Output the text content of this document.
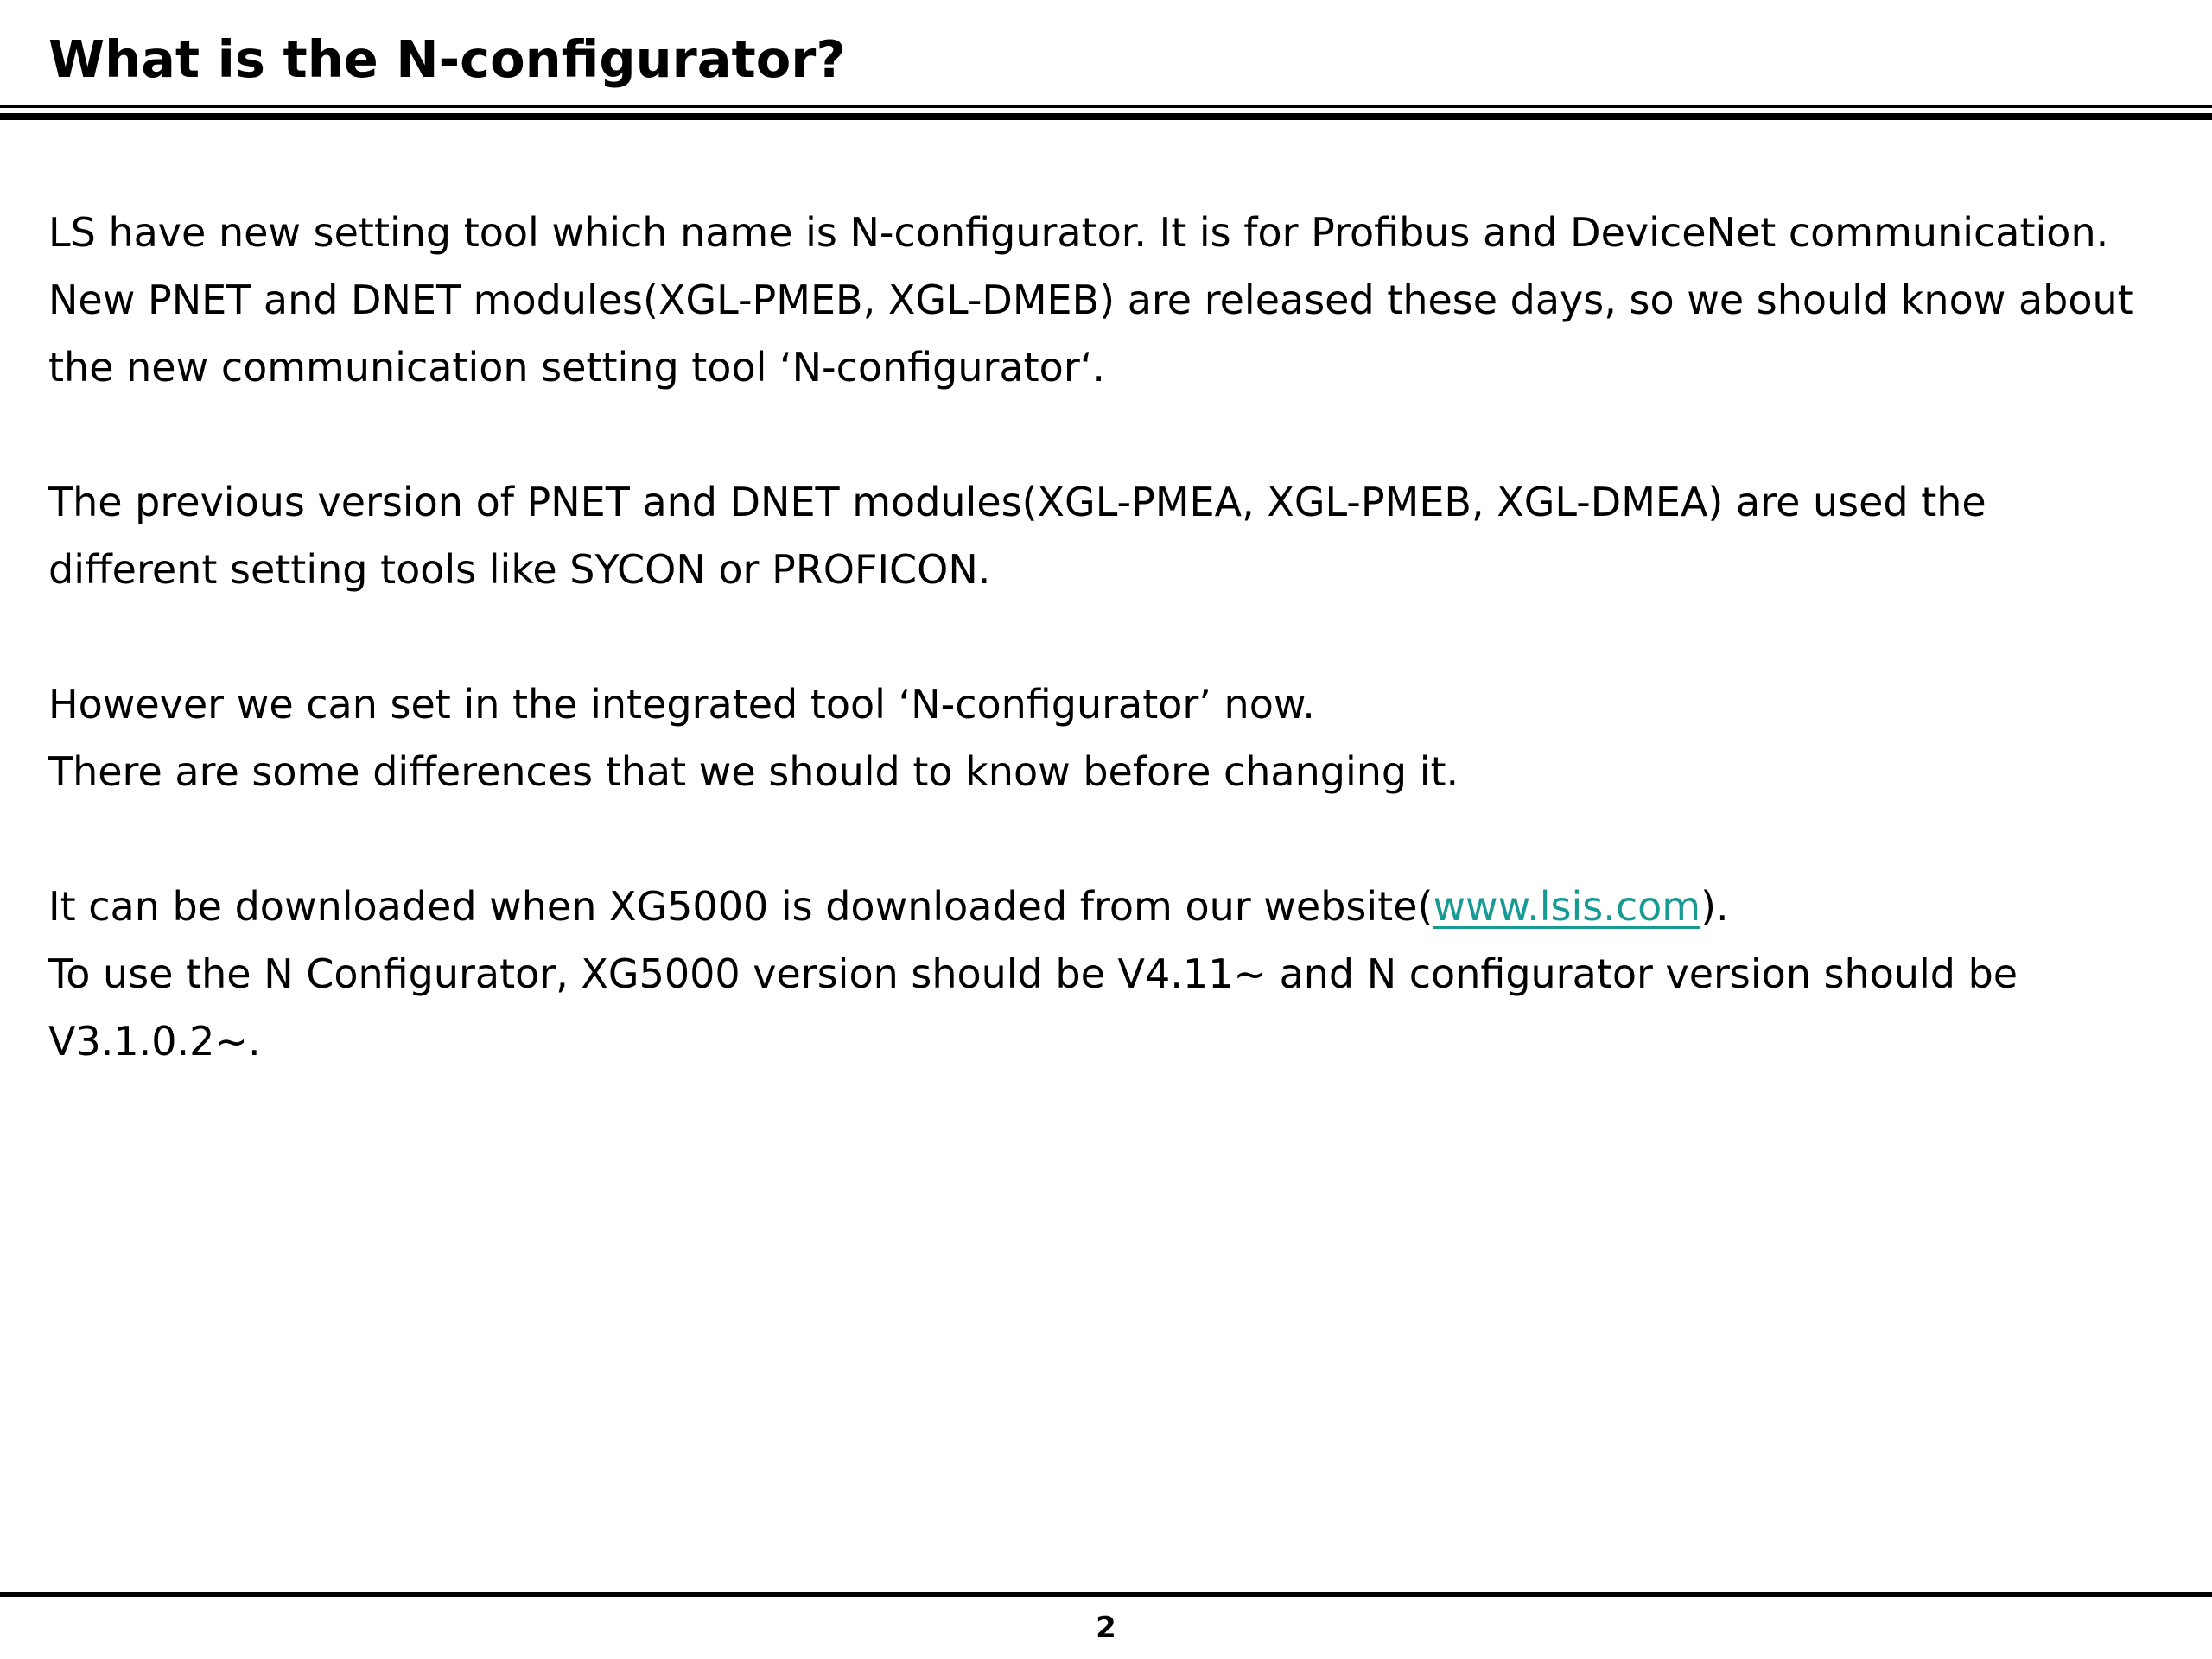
What is the N-configurator?
LS have new setting tool which name is N-configurator. It is for Profibus and DeviceNet communication.
New PNET and DNET modules(XGL-PMEB, XGL-DMEB) are released these days, so we should know about
the new communication setting tool ‘N-configurator‘.
The previous version of PNET and DNET modules(XGL-PMEA, XGL-PMEB, XGL-DMEA) are used the
different setting tools like SYCON or PROFICON.
However we can set in the integrated tool ‘N-configurator’ now.
There are some differences that we should to know before changing it.
It can be downloaded when XG5000 is downloaded from our website(www.lsis.com).
To use the N Configurator, XG5000 version should be V4.11~ and N configurator version should be
V3.1.0.2~.
2
